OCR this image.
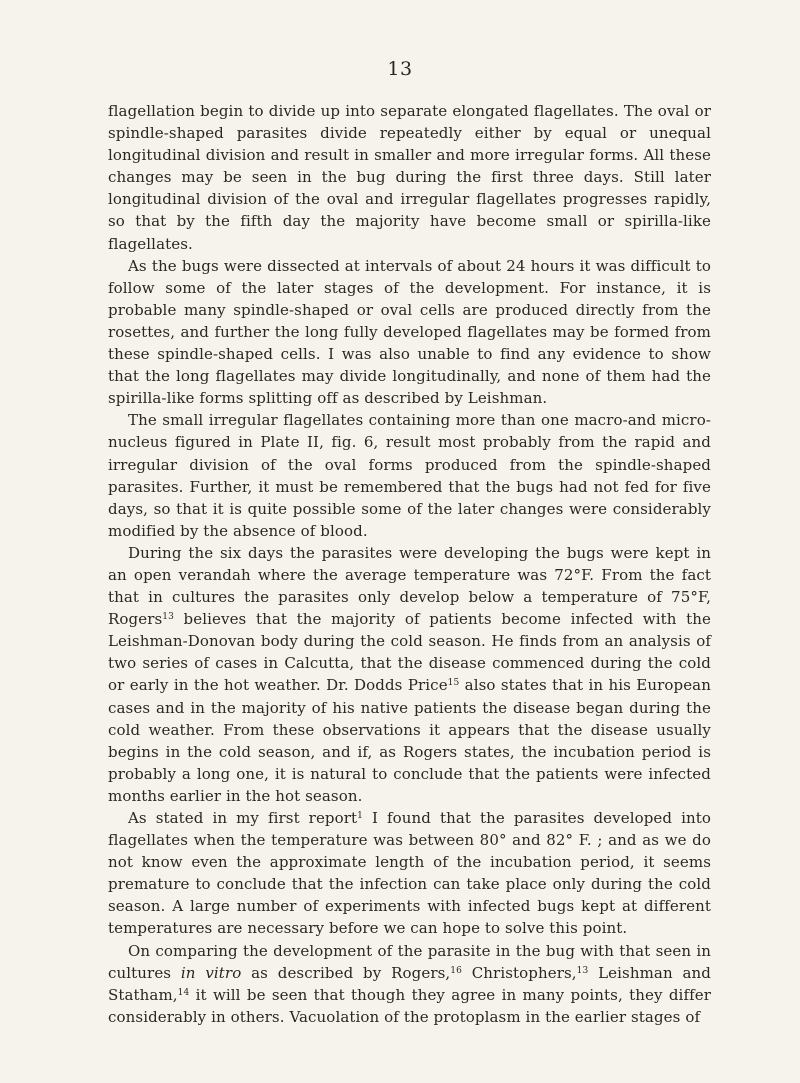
13

flagellation begin to divide up into separate elongated flagellates. The oval or spindle-shaped parasites divide repeatedly either by equal or unequal longitudinal division and result in smaller and more irregular forms. All these changes may be seen in the bug during the first three days. Still later longitudinal division of the oval and irregular flagellates progresses rapidly, so that by the fifth day the majority have become small or spirilla-like flagellates.

As the bugs were dissected at intervals of about 24 hours it was difficult to follow some of the later stages of the development. For instance, it is probable many spindle-shaped or oval cells are produced directly from the rosettes, and further the long fully developed flagellates may be formed from these spindle-shaped cells. I was also unable to find any evidence to show that the long flagellates may divide longitudinally, and none of them had the spirilla-like forms splitting off as described by Leishman.

The small irregular flagellates containing more than one macro-and micro-nucleus figured in Plate II, fig. 6, result most probably from the rapid and irregular division of the oval forms produced from the spindle-shaped parasites. Further, it must be remembered that the bugs had not fed for five days, so that it is quite possible some of the later changes were considerably modified by the absence of blood.

During the six days the parasites were developing the bugs were kept in an open verandah where the average temperature was 72°F. From the fact that in cultures the parasites only develop below a temperature of 75°F, Rogers$^{13}$ believes that the majority of patients become infected with the Leishman-Donovan body during the cold season. He finds from an analysis of two series of cases in Calcutta, that the disease commenced during the cold or early in the hot weather. Dr. Dodds Price$^{15}$ also states that in his European cases and in the majority of his native patients the disease began during the cold weather. From these observations it appears that the disease usually begins in the cold season, and if, as Rogers states, the incubation period is probably a long one, it is natural to conclude that the patients were infected months earlier in the hot season.

As stated in my first report$^1$ I found that the parasites developed into flagellates when the temperature was between 80° and 82° F. ; and as we do not know even the approximate length of the incubation period, it seems premature to conclude that the infection can take place only during the cold season. A large number of experiments with infected bugs kept at different temperatures are necessary before we can hope to solve this point.

On comparing the development of the parasite in the bug with that seen in cultures in vitro as described by Rogers,$^{16}$ Christophers,$^{13}$ Leishman and Statham,$^{14}$ it will be seen that though they agree in many points, they differ considerably in others. Vacuolation of the protoplasm in the earlier stages of
